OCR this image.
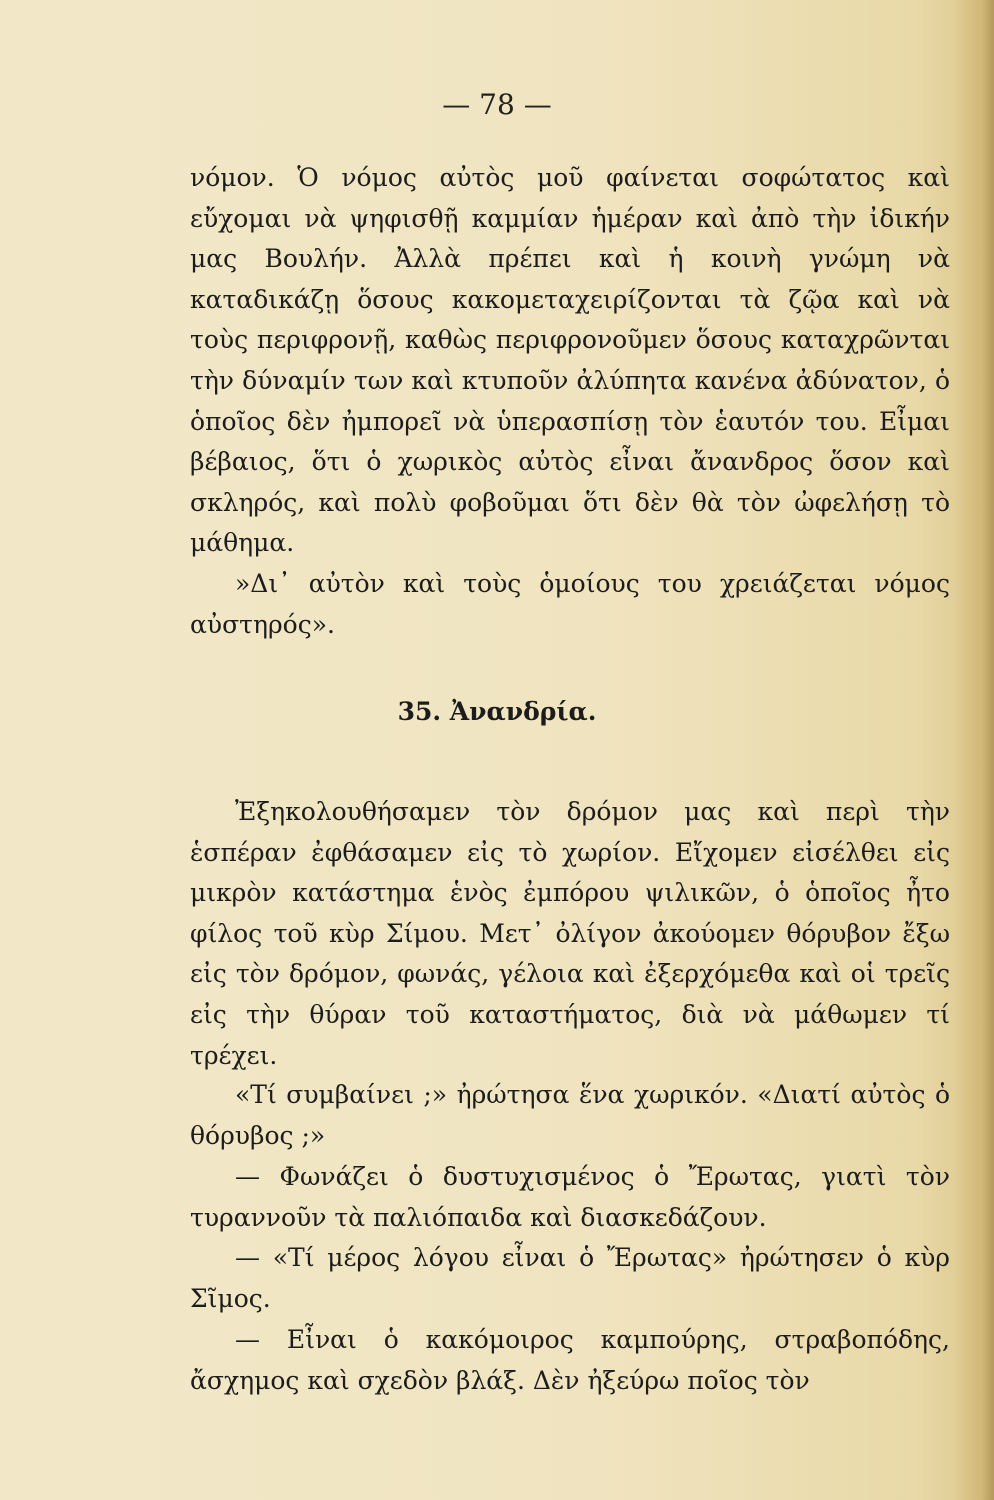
— 78 —

νόμον. Ὁ νόμος αὐτὸς μοῦ φαίνεται σοφώτατος καὶ εὔχομαι νὰ ψηφισθῇ καμμίαν ἡμέραν καὶ ἀπὸ τὴν ἰδικήν μας Βουλήν. Ἀλλὰ πρέπει καὶ ἡ κοινὴ γνώμη νὰ καταδικάζῃ ὅσους κακομεταχειρίζονται τὰ ζῷα καὶ νὰ τοὺς περιφρονῇ, καθὼς περιφρονοῦμεν ὅσους καταχρῶνται τὴν δύναμίν των καὶ κτυποῦν ἀλύπητα κανένα ἀδύνατον, ὁ ὁποῖος δὲν ἠμπορεῖ νὰ ὑπερασπίσῃ τὸν ἑαυτόν του. Εἶμαι βέβαιος, ὅτι ὁ χωρικὸς αὐτὸς εἶναι ἄνανδρος ὅσον καὶ σκληρός, καὶ πολὺ φοβοῦμαι ὅτι δὲν θὰ τὸν ὠφελήσῃ τὸ μάθημα.

»Δι᾽ αὐτὸν καὶ τοὺς ὁμοίους του χρειάζεται νόμος αὐστηρός».

35. Ἀνανδρία.

Ἐξηκολουθήσαμεν τὸν δρόμον μας καὶ περὶ τὴν ἑσπέραν ἐφθάσαμεν εἰς τὸ χωρίον. Εἴχομεν εἰσέλθει εἰς μικρὸν κατάστημα ἑνὸς ἐμπόρου ψιλικῶν, ὁ ὁποῖος ἦτο φίλος τοῦ κὺρ Σίμου. Μετ᾽ ὀλίγον ἀκούομεν θόρυβον ἔξω εἰς τὸν δρόμον, φωνάς, γέλοια καὶ ἐξερχόμεθα καὶ οἱ τρεῖς εἰς τὴν θύραν τοῦ καταστήματος, διὰ νὰ μάθωμεν τί τρέχει.

«Τί συμβαίνει ;» ἠρώτησα ἕνα χωρικόν. «Διατί αὐτὸς ὁ θόρυβος ;»

— Φωνάζει ὁ δυστυχισμένος ὁ Ἔρωτας, γιατὶ τὸν τυραννοῦν τὰ παλιόπαιδα καὶ διασκεδάζουν.

— «Τί μέρος λόγου εἶναι ὁ Ἔρωτας» ἠρώτησεν ὁ κὺρ Σῖμος.

— Εἶναι ὁ κακόμοιρος καμπούρης, στραβοπόδης, ἄσχημος καὶ σχεδὸν βλάξ. Δὲν ἠξεύρω ποῖος τὸν
